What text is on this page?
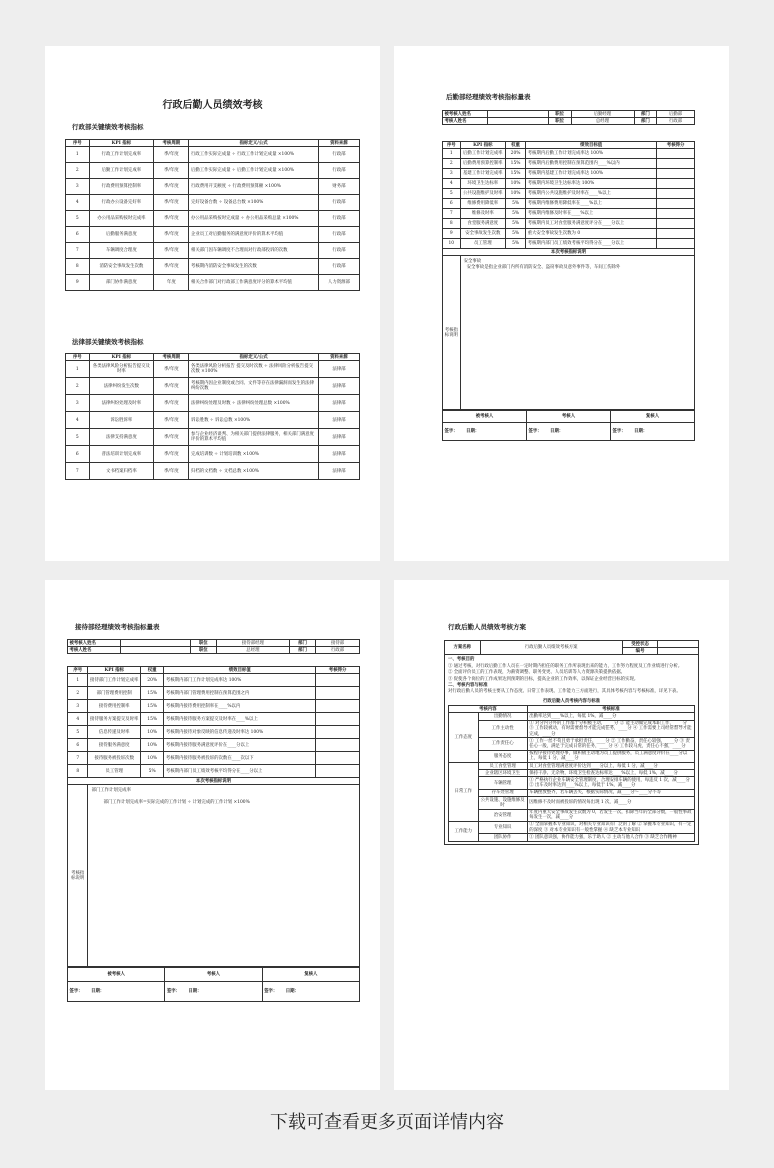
行政后勤人员绩效考核
行政部关键绩效考核指标
序号	KPI 指标	考核周期	指标定义/公式	资料来源
1	行政工作计划完成率	季/年度	行政工作实际完成量 ÷ 行政工作计划完成量 ×100%	行政部
2	后勤工作计划完成率	季/年度	后勤工作实际完成量 ÷ 后勤工作计划完成量 ×100%	行政部
3	行政费用预算控制率	季/年度	行政费用开支额度 ÷ 行政费用预算额 ×100%	财务部
4	行政办公设备完好率	季/年度	完好设备台数 ÷ 设备总台数 ×100%	行政部
5	办公用品采购按时完成率	季/年度	办公用品采购按时完成量 ÷ 办公用品采购总量 ×100%	行政部
6	后勤服务满意度	季/年度	企业员工对后勤服务的满意度评价的算术平均值	行政部
7	车辆调度合理度	季/年度	相关部门因车辆调度不合理而对行政部投诉的次数	行政部
8	消防安全事故发生次数	季/年度	考核期内消防安全事故发生的次数	行政部
9	部门协作满意度	年度	相关合作部门对行政部工作满意度评分的算术平均值	人力资源部
法律部关键绩效考核指标
序号	KPI 指标	考核周期	指标定义/公式	资料来源
1	各类法律风险分析报告提交及时率	季/年度	各类法律风险分析报告 提交及时次数 ÷ 法律风险分析报告提交 次数 ×100%	法律部
2	法律纠纷发生次数	季/年度	考核期内因企业制度或合同、文件等存在法律漏洞而发生的法律纠纷次数	法律部
3	法律纠纷处理及时率	季/年度	法律纠纷处理及时数 ÷ 法律纠纷处理总数 ×100%	法律部
4	诉讼胜诉率	季/年度	诉讼胜数 ÷ 诉讼总数 ×100%	法律部
5	法律支持满意度	季/年度	参与企业经济谈判、为相关部门提供法律服务，相关部门满意度评价的算术平均值	法律部
6	普法培训计划完成率	季/年度	完成培训数 ÷ 计划培训数 ×100%	法律部
7	文书档案归档率	季/年度	归档的文档数 ÷ 文档总数 ×100%	法律部
后勤部经理绩效考核指标量表
被考核人姓名		职位	后勤经理	部门	后勤部
考核人姓名		职位	总经理	部门	行政部
序号	KPI 指标	权重	绩效目标值	考核得分
1	后勤工作计划完成率	20%	考核期内后勤工作计划完成率达 100%	
2	后勤费用预算控制率	15%	考核期内后勤费用控制在预算范围内____%以内	
3	基建工作计划完成率	15%	考核期内基建工作计划完成率达 100%	
4	环境卫生达标率	10%	考核期内环境卫生达标率达 100%	
5	公共设施维护及时率	10%	考核期内公共设施维护及时率在____%以上	
6	维修费用降低率	5%	考核期内维修费用降低率在____%以上	
7	维修及时率	5%	考核期内维修及时率在____%以上	
8	食堂服务满意度	5%	考核期内员工对食堂服务满意度评分在____分以上	
9	安全事故发生次数	5%	重大安全事故发生次数为 0	
10	员工管理	5%	考核期内部门员工绩效考核平均得分在____分以上	
本次考核指标说明				
考核指标说明	安全事故
安全事故是指企业部门内所有消防安全、盗窃事故及意外事件等，车间工伤除外			
被考核人	考核人	复核人
签字： 日期：	签字： 日期：	签字： 日期：
接待部经理绩效考核指标量表
被考核人姓名		职位	接待部经理	部门	接待部
考核人姓名		职位	总经理	部门	行政部
序号	KPI 指标	权重	绩效目标值	考核得分
1	接待部门工作计划完成率	20%	考核期内部门工作计划完成率达 100%	
2	部门管理费用控制	15%	考核期内部门管理费用控制在预算范围之内	
3	接待费用控制率	15%	考核期内接待费用控制率在____%以内	
4	接待服务方案提交及时率	15%	考核期内接待服务方案提交及时率在____%以上	
5	信息传递及时率	10%	考核期内接待对象反映的信息传递及时率达 100%	
6	接待服务满意度	10%	考核期内接待服务满意度评价在____分以上	
7	接待服务被投诉次数	10%	考核期内接待服务被投诉的次数在____次以下	
8	员工管理	5%	考核期内部门员工绩效考核平均得分在____分以上	
本次考核指标说明				
考核指标说明	部门工作计划完成率
部门工作计划完成率=实际完成的工作计划 ÷ 计划完成的工作计划 ×100%			
被考核人	考核人	复核人
签字： 日期：	签字： 日期：	签字： 日期：
行政后勤人员绩效考核方案
方案名称	行政后勤人员绩效考核方案	受控状态	
		编号	
一、考核目的
① 通过考核，对行政后勤工作人员在一定时期内担任的职务工作所表现出来的能力，工作努力程度及工作业绩进行分析。
② 全面评价员工的工作表现，为薪资调整、职务变更、人员培训等人力资源决策提供依据。
③ 促使各个岗位的工作成果达到预期的目标，提高企业的工作效率，以保证企业经营目标的实现。
二、考核内容与标准
对行政后勤人员的考核主要从工作态度、日常工作表现、工作能力三方面进行，其具体考核内容与考核标准，详见下表。
行政后勤人员考核内容与标准
考核内容		考核标准
工作态度	出勤情况	出勤率达到____%以上，每低 1%，减____分
	工作主动性	① 对分内分外的工作都十分积极主动，____分 ② 能主动做完成本职工作，____分 ③ 工作较被动，有时需要督导才能完成任务，____分 ④ 工作需要上司经常督导才能完成，____分
	工作责任心	① 工作一丝不苟且勇于承担责任，____分 ② 工作勤奋，责任心较强，____分 ③ 责任心一般，满足于完成日常的任务，____分 ④ 工作较马虎，责任心不强，____分
	服务态度	按程序接待处理办事，做积极主动地为员工提供服务，员工满意度评价在____分以上，每低 1 分，减____分
日常工作	员工食堂管理	员工对食堂管理满意度评价达到____分以上，每低 1 分，减____分
	企业辖区环境卫生	保持干净、无杂物，环境卫生检查达标率达____%以上，每低 1%，减____分
	车辆管理	① 严格执行企业车辆安全管理制度，合理安排车辆的使用，每违反 1 次，减____分 ② 出车及时率达到____%以上，每低于 1%，减____分
	存车处管理	车辆摆放整齐，若车辆丢失，根据实际情况，减____分～____分不等
	公共设施、设施维修及时	因维修不及时而被投诉的情况每出现 1 次，减____分
	治安管理	年度内重大安全事故发生次数为 0，若发生一次，扣除当年的全部分数，一般性事故每发生一次，减____分
工作能力	专业知识	① 全面掌握本专业知识，对相关专业知识有广泛的了解 ② 掌握本专业知识，有一定的深度 ③ 对本专业知识有一般性掌握 ④ 缺乏本专业知识
	团队协作	① 团队意识强，协作能力强，乐于助人 ② 主动与他人合作 ③ 缺乏合作精神
下载可查看更多页面详情内容
